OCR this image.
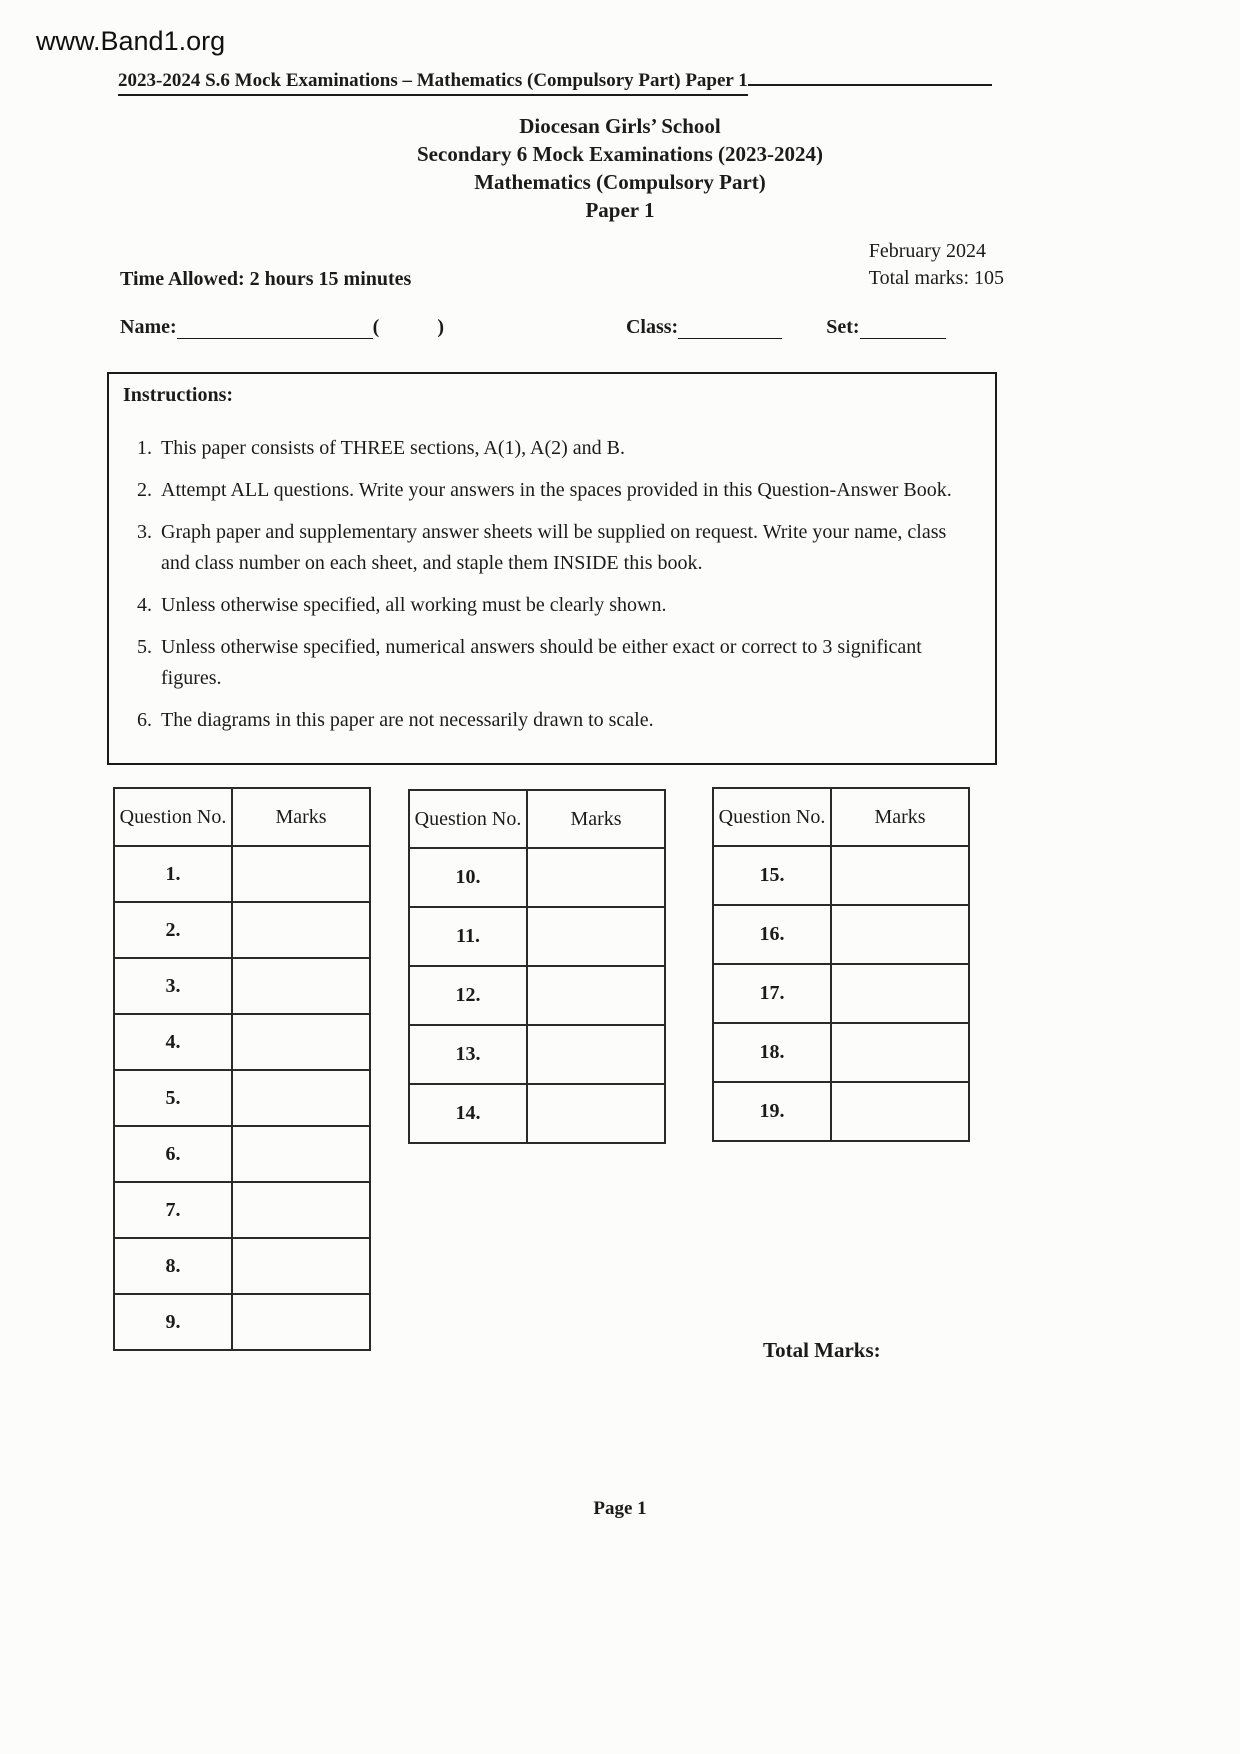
www.Band1.org
2023-2024 S.6 Mock Examinations – Mathematics (Compulsory Part) Paper 1
Diocesan Girls’ School
Secondary 6 Mock Examinations (2023-2024)
Mathematics (Compulsory Part)
Paper 1
February 2024
Total marks: 105
Time Allowed: 2 hours 15 minutes
Name:	(	)	Class:	Set:
Instructions:
1. This paper consists of THREE sections, A(1), A(2) and B.
2. Attempt ALL questions. Write your answers in the spaces provided in this Question-Answer Book.
3. Graph paper and supplementary answer sheets will be supplied on request. Write your name, class and class number on each sheet, and staple them INSIDE this book.
4. Unless otherwise specified, all working must be clearly shown.
5. Unless otherwise specified, numerical answers should be either exact or correct to 3 significant figures.
6. The diagrams in this paper are not necessarily drawn to scale.
Question No.	Marks
1.	
2.	
3.	
4.	
5.	
6.	
7.	
8.	
9.	
Question No.	Marks
10.	
11.	
12.	
13.	
14.	
Question No.	Marks
15.	
16.	
17.	
18.	
19.	
Total Marks:
Page 1
